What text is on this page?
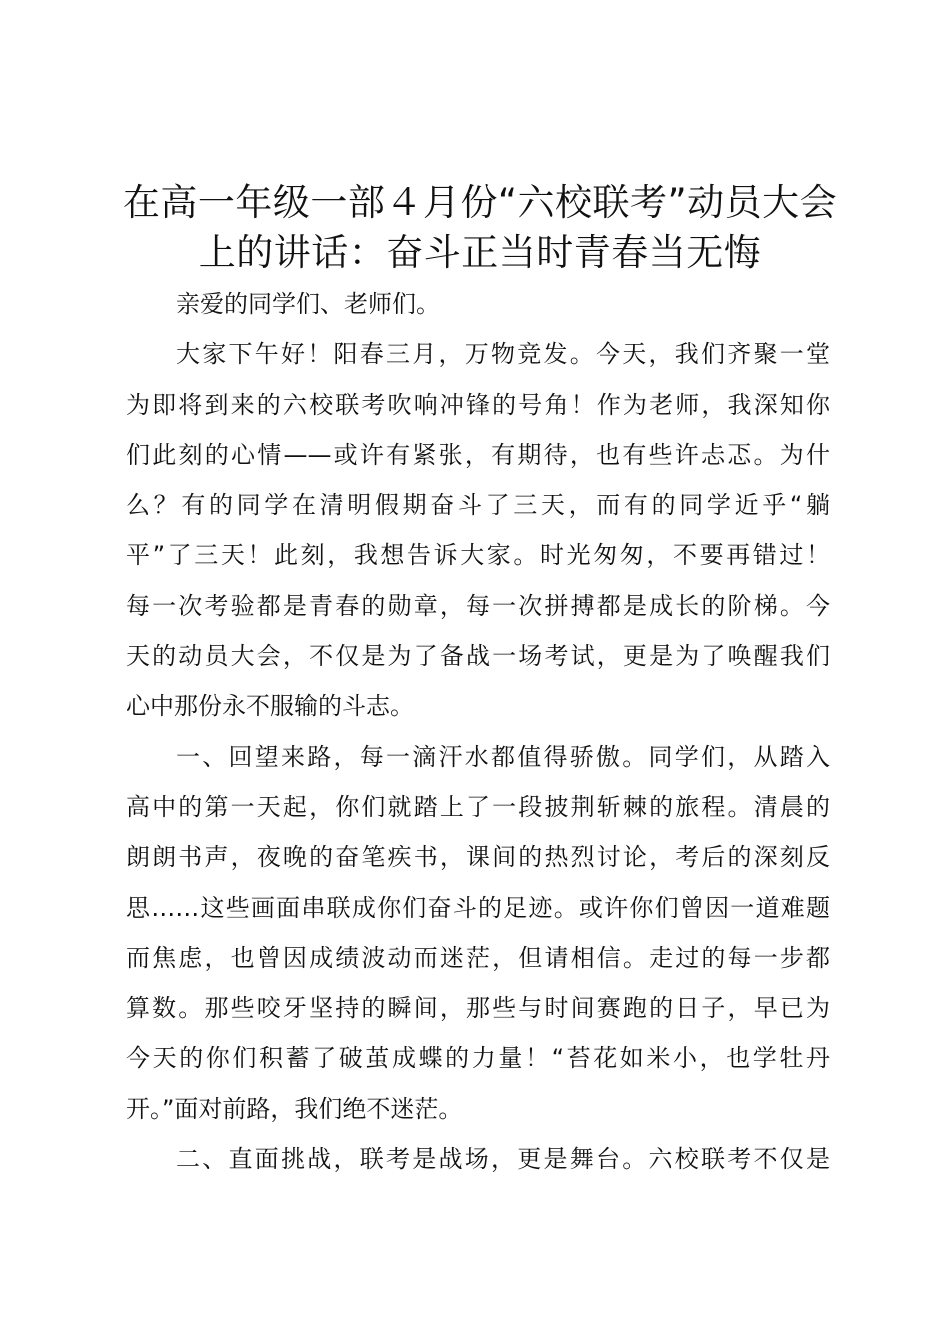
在高一年级一部４月份“六校联考”动员大会
上的讲话：奋斗正当时青春当无悔

亲爱的同学们、老师们。

大家下午好！阳春三月，万物竞发。今天，我们齐聚一堂
为即将到来的六校联考吹响冲锋的号角！作为老师，我深知你
们此刻的心情——或许有紧张，有期待，也有些许忐忑。为什
么？有的同学在清明假期奋斗了三天，而有的同学近乎“躺
平”了三天！此刻，我想告诉大家。时光匆匆，不要再错过！
每一次考验都是青春的勋章，每一次拼搏都是成长的阶梯。今
天的动员大会，不仅是为了备战一场考试，更是为了唤醒我们
心中那份永不服输的斗志。

一、回望来路，每一滴汗水都值得骄傲。同学们，从踏入
高中的第一天起，你们就踏上了一段披荆斩棘的旅程。清晨的
朗朗书声，夜晚的奋笔疾书，课间的热烈讨论，考后的深刻反
思……这些画面串联成你们奋斗的足迹。或许你们曾因一道难题
而焦虑，也曾因成绩波动而迷茫，但请相信。走过的每一步都
算数。那些咬牙坚持的瞬间，那些与时间赛跑的日子，早已为
今天的你们积蓄了破茧成蝶的力量！“苔花如米小，也学牡丹
开。”面对前路，我们绝不迷茫。

二、直面挑战，联考是战场，更是舞台。六校联考不仅是
